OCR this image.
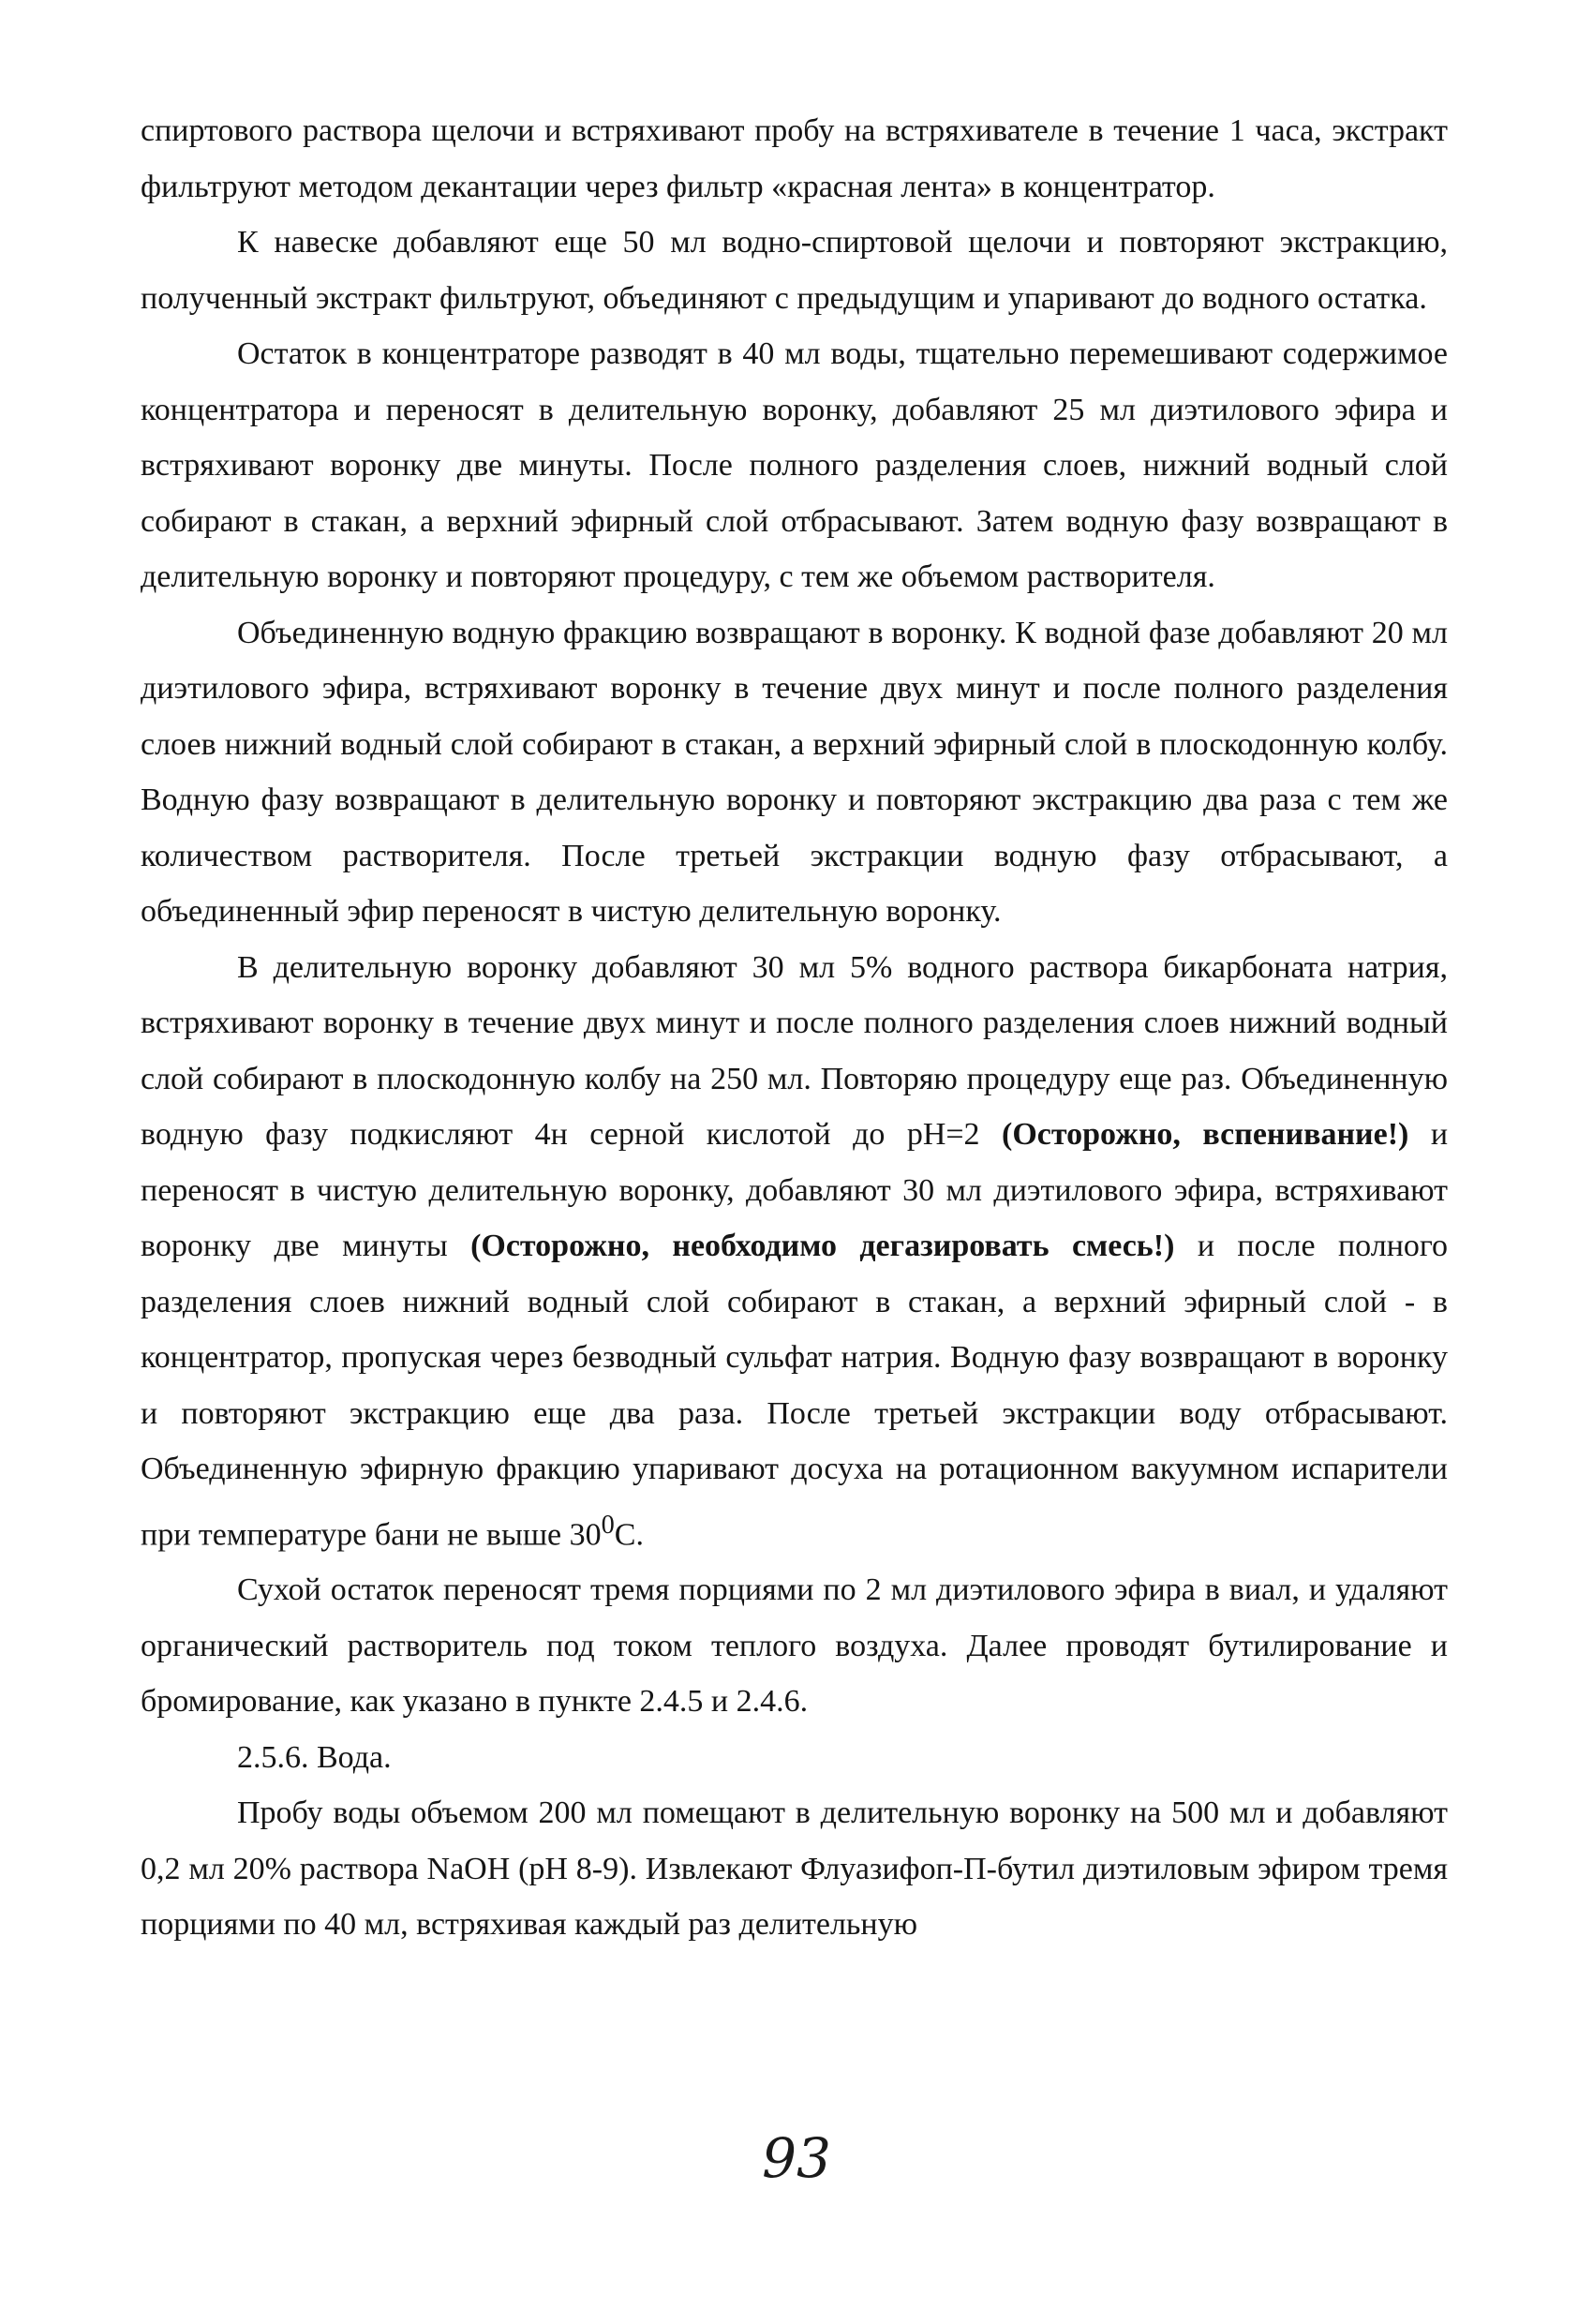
спиртового раствора щелочи и встряхивают пробу на встряхивателе в течение 1 часа, экстракт фильтруют методом декантации через фильтр «красная лента» в концентратор.

К навеске добавляют еще 50 мл водно-спиртовой щелочи и повторяют экстракцию, полученный экстракт фильтруют, объединяют с предыдущим и упаривают до водного остатка.

Остаток в концентраторе разводят в 40 мл воды, тщательно перемешивают содержимое концентратора и переносят в делительную воронку, добавляют 25 мл диэтилового эфира и встряхивают воронку две минуты. После полного разделения слоев, нижний водный слой собирают в стакан, а верхний эфирный слой отбрасывают. Затем водную фазу возвращают в делительную воронку и повторяют процедуру, с тем же объемом растворителя.

Объединенную водную фракцию возвращают в воронку. К водной фазе добавляют 20 мл диэтилового эфира, встряхивают воронку в течение двух минут и после полного разделения слоев нижний водный слой собирают в стакан, а верхний эфирный слой в плоскодонную колбу. Водную фазу возвращают в делительную воронку и повторяют экстракцию два раза с тем же количеством растворителя. После третьей экстракции водную фазу отбрасывают, а объединенный эфир переносят в чистую делительную воронку.

В делительную воронку добавляют 30 мл 5% водного раствора бикарбоната натрия, встряхивают воронку в течение двух минут и после полного разделения слоев нижний водный слой собирают в плоскодонную колбу на 250 мл. Повторяю процедуру еще раз. Объединенную водную фазу подкисляют 4н серной кислотой до pH=2 (Осторожно, вспенивание!) и переносят в чистую делительную воронку, добавляют 30 мл диэтилового эфира, встряхивают воронку две минуты (Осторожно, необходимо дегазировать смесь!) и после полного разделения слоев нижний водный слой собирают в стакан, а верхний эфирный слой - в концентратор, пропуская через безводный сульфат натрия. Водную фазу возвращают в воронку и повторяют экстракцию еще два раза. После третьей экстракции воду отбрасывают. Объединенную эфирную фракцию упаривают досуха на ротационном вакуумном испарители при температуре бани не выше $30^0С$.

Сухой остаток переносят тремя порциями по 2 мл диэтилового эфира в виал, и удаляют органический растворитель под током теплого воздуха. Далее проводят бутилирование и бромирование, как указано в пункте 2.4.5 и 2.4.6.

2.5.6. Вода.

Пробу воды объемом 200 мл помещают в делительную воронку на 500 мл и добавляют 0,2 мл 20% раствора NaOH (pH 8-9). Извлекают Флуазифоп-П-бутил диэтиловым эфиром тремя порциями по 40 мл, встряхивая каждый раз делительную

93
